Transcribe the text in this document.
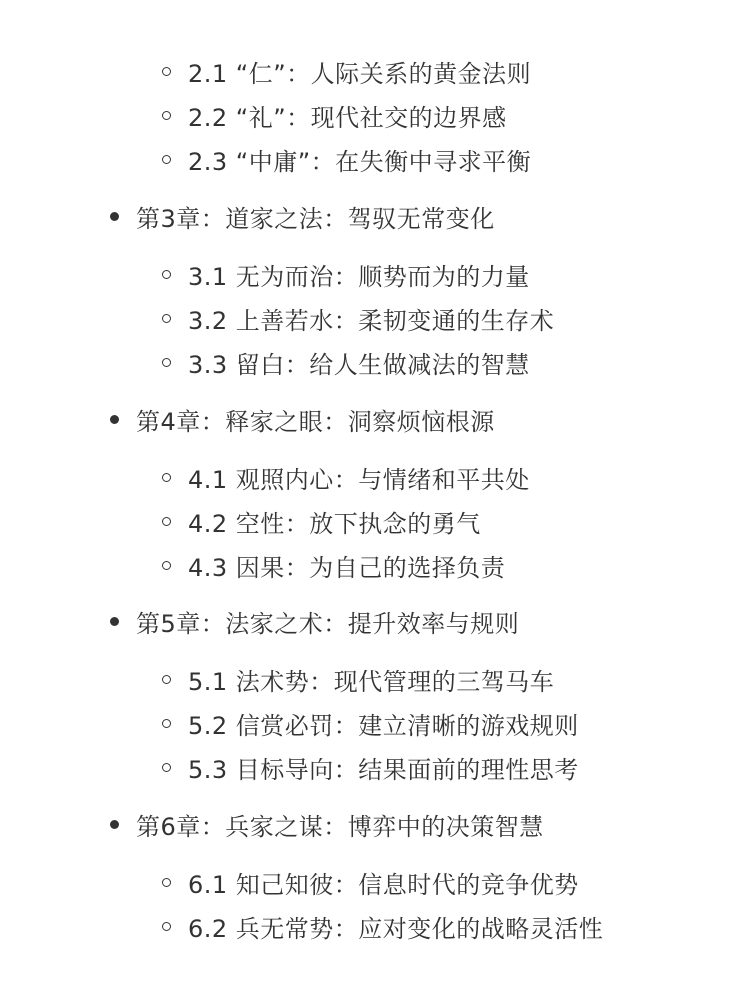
2.1 “仁”：人际关系的黄金法则
2.2 “礼”：现代社交的边界感
2.3 “中庸”：在失衡中寻求平衡
第3章：道家之法：驾驭无常变化
3.1 无为而治：顺势而为的力量
3.2 上善若水：柔韧变通的生存术
3.3 留白：给人生做减法的智慧
第4章：释家之眼：洞察烦恼根源
4.1 观照内心：与情绪和平共处
4.2 空性：放下执念的勇气
4.3 因果：为自己的选择负责
第5章：法家之术：提升效率与规则
5.1 法术势：现代管理的三驾马车
5.2 信赏必罚：建立清晰的游戏规则
5.3 目标导向：结果面前的理性思考
第6章：兵家之谋：博弈中的决策智慧
6.1 知己知彼：信息时代的竞争优势
6.2 兵无常势：应对变化的战略灵活性
